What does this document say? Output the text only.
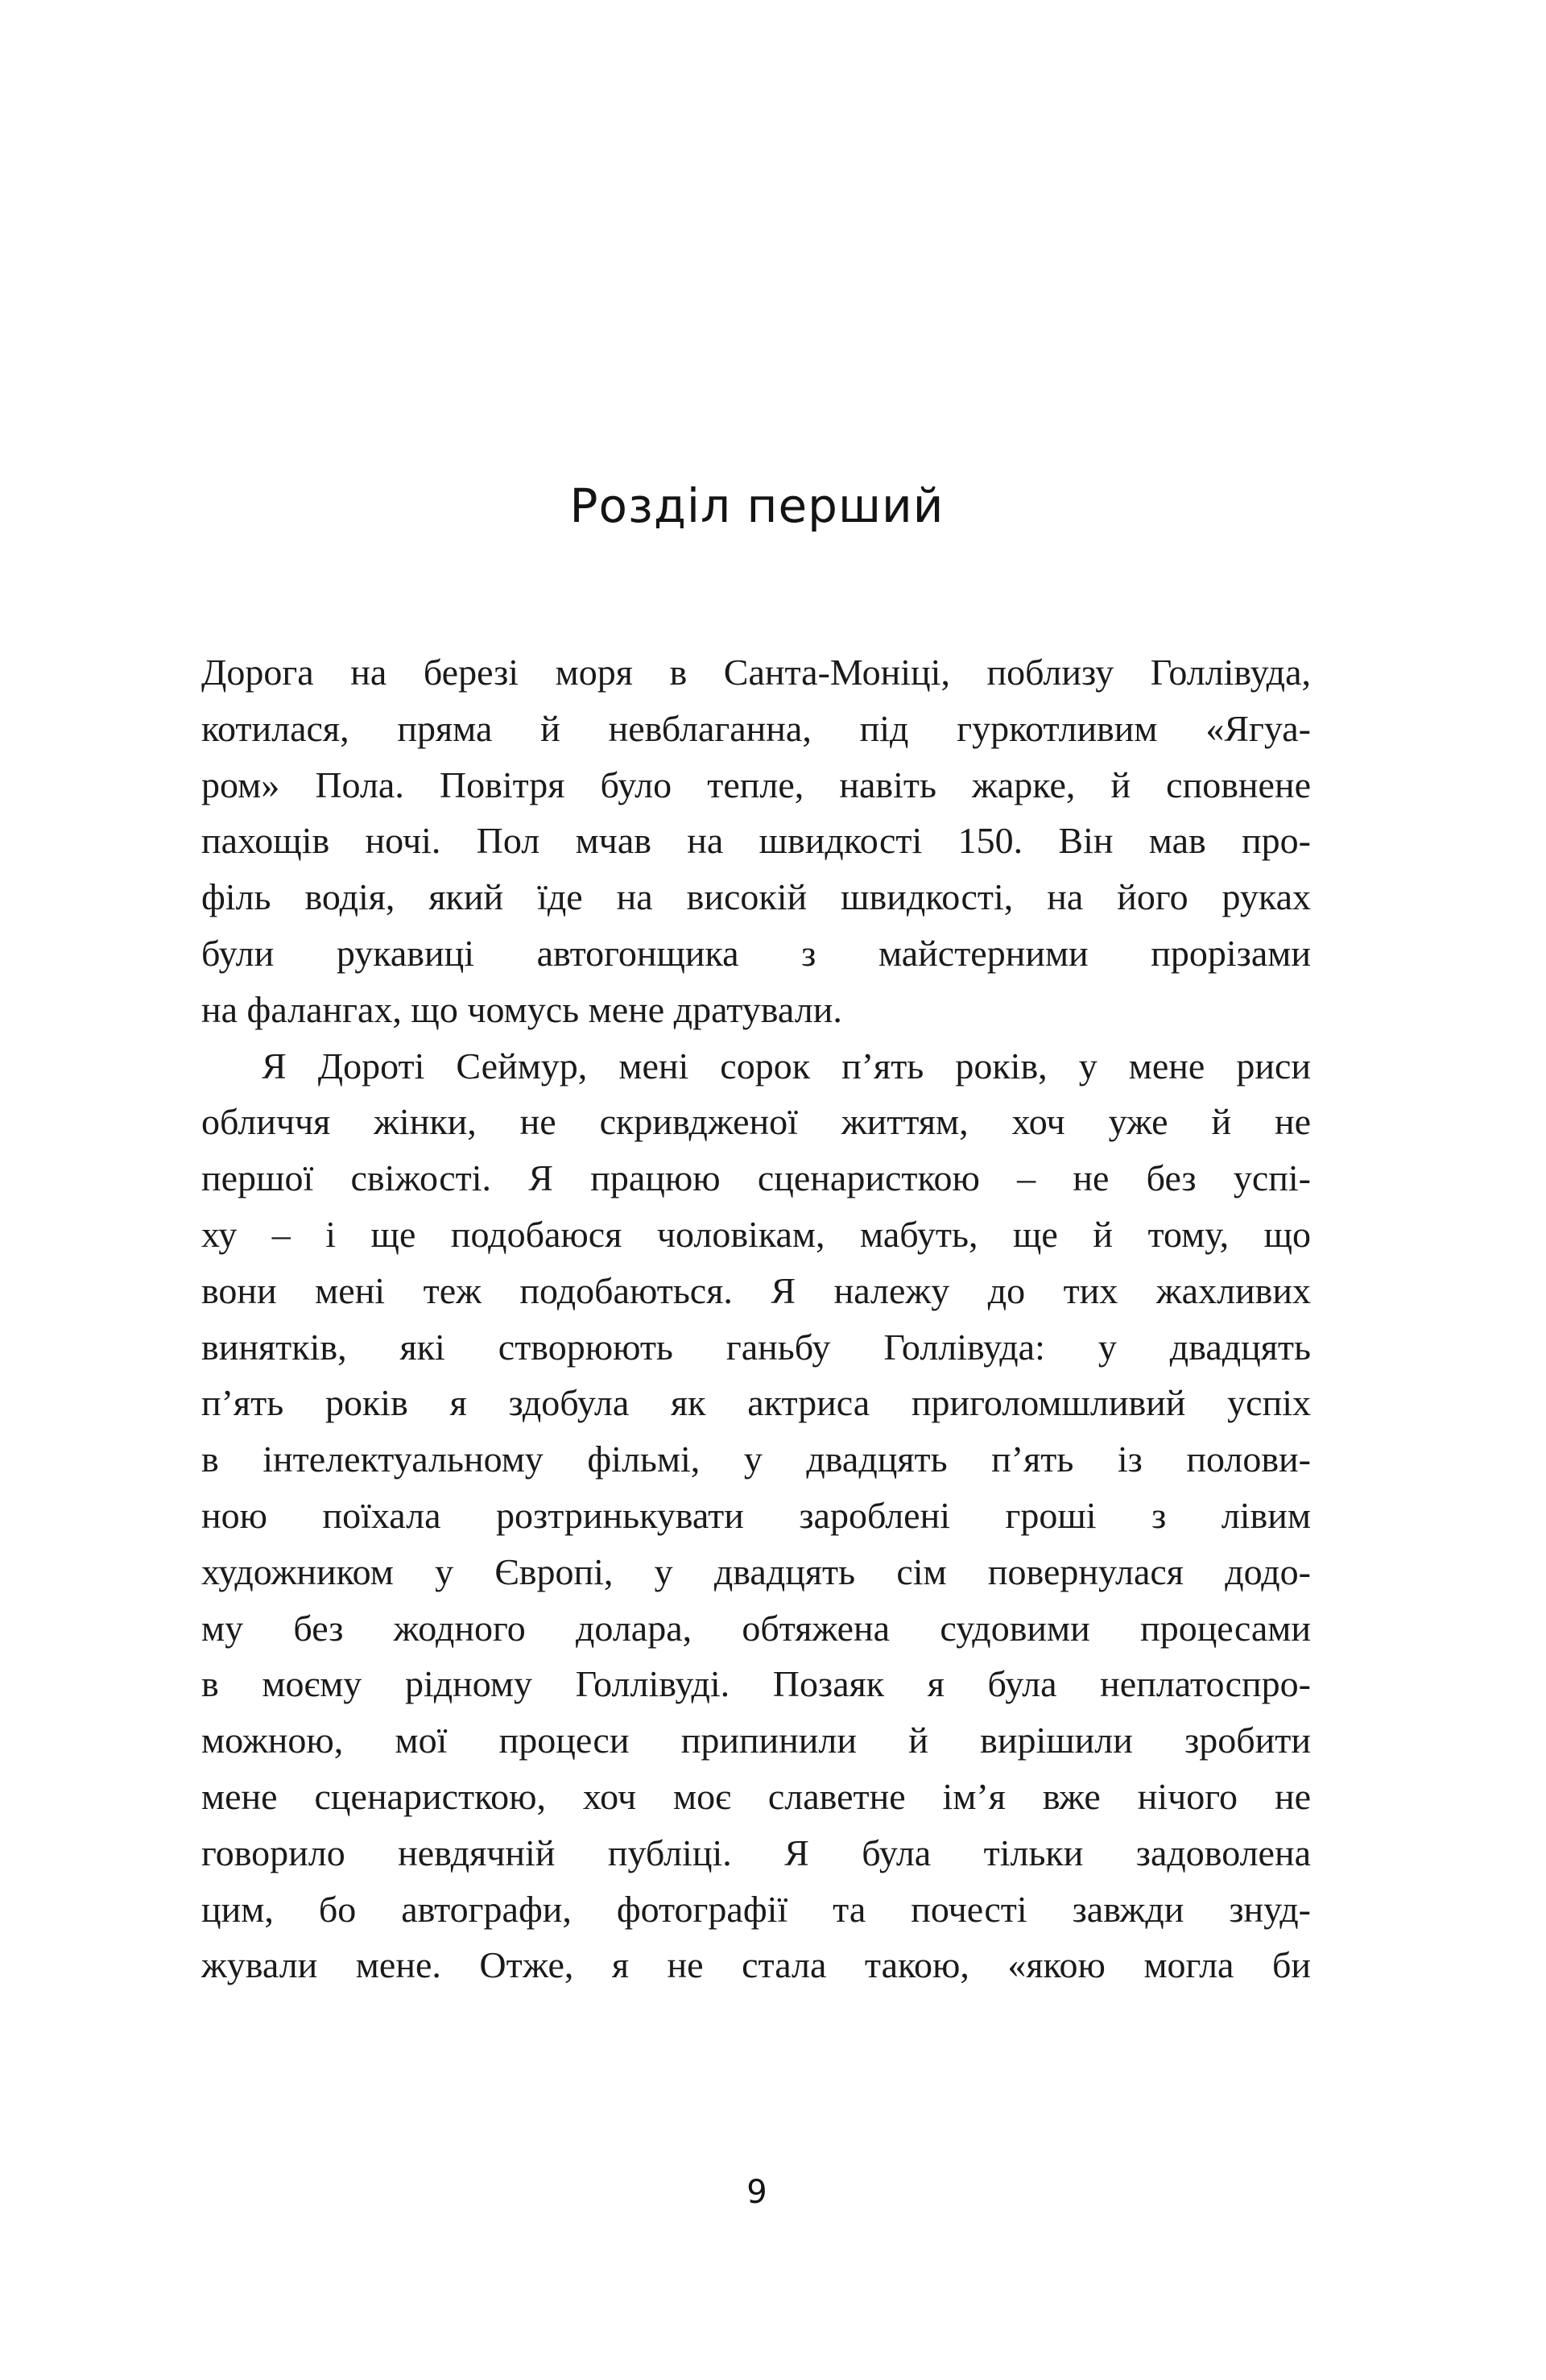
Розділ перший
Дорога на березі моря в Санта-Моніці, поблизу Голлівуда,
котилася, пряма й невблаганна, під гуркотливим «Ягуа-
ром» Пола. Повітря було тепле, навіть жарке, й сповнене
пахощів ночі. Пол мчав на швидкості 150. Він мав про-
філь водія, який їде на високій швидкості, на його руках
були рукавиці автогонщика з майстерними прорізами
на фалангах, що чомусь мене дратували.
Я Дороті Сеймур, мені сорок п’ять років, у мене риси
обличчя жінки, не скривдженої життям, хоч уже й не
першої свіжості. Я працюю сценаристкою – не без успі-
ху – і ще подобаюся чоловікам, мабуть, ще й тому, що
вони мені теж подобаються. Я належу до тих жахливих
винятків, які створюють ганьбу Голлівуда: у двадцять
п’ять років я здобула як актриса приголомшливий успіх
в інтелектуальному фільмі, у двадцять п’ять із полови-
ною поїхала розтринькувати зароблені гроші з лівим
художником у Європі, у двадцять сім повернулася додо-
му без жодного долара, обтяжена судовими процесами
в моєму рідному Голлівуді. Позаяк я була неплатоспро-
можною, мої процеси припинили й вирішили зробити
мене сценаристкою, хоч моє славетне ім’я вже нічого не
говорило невдячній публіці. Я була тільки задоволена
цим, бо автографи, фотографії та почесті завжди знуд-
жували мене. Отже, я не стала такою, «якою могла би
9
